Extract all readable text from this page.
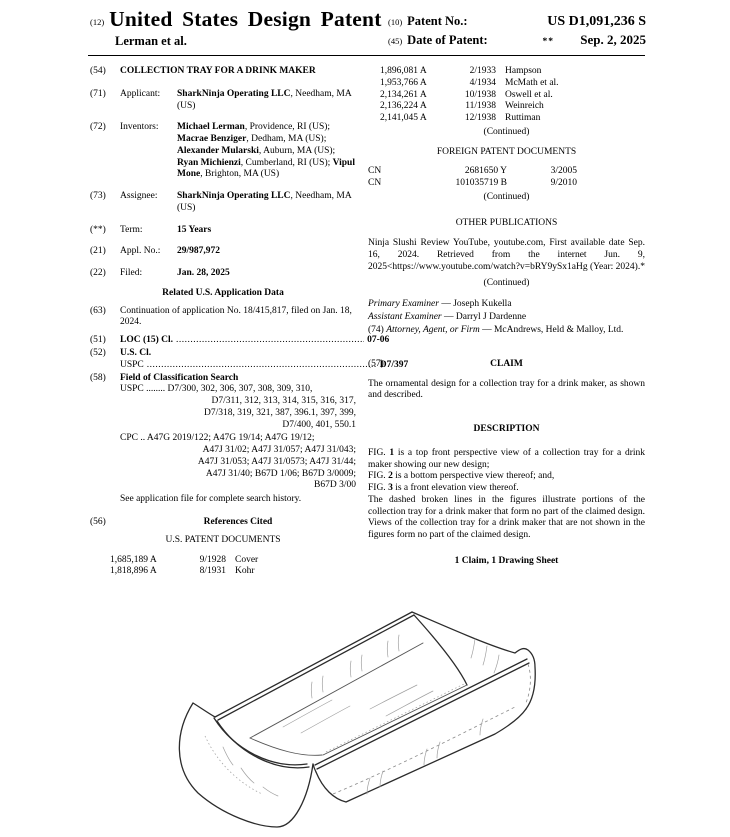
(12) United States Design Patent
Lerman et al.
(10) Patent No.:	US D1,091,236 S
(45) Date of Patent:	**	Sep. 2, 2025
(54)	COLLECTION TRAY FOR A DRINK MAKER
(71)	Applicant:	SharkNinja Operating LLC, Needham, MA (US)
(72)	Inventors:	Michael Lerman, Providence, RI (US); Macrae Benziger, Dedham, MA (US); Alexander Mularski, Auburn, MA (US); Ryan Michienzi, Cumberland, RI (US); Vipul Mone, Brighton, MA (US)
(73)	Assignee:	SharkNinja Operating LLC, Needham, MA (US)
(**)	Term:	15 Years
(21)	Appl. No.:	29/987,972
(22)	Filed:	Jan. 28, 2025
Related U.S. Application Data
(63)	Continuation of application No. 18/415,817, filed on Jan. 18, 2024.
(51)	LOC (15) Cl. .....	07-06
(52)	U.S. Cl.
USPC .....	D7/397
(58)	Field of Classification Search
USPC ........ D7/300, 302, 306, 307, 308, 309, 310,
D7/311, 312, 313, 314, 315, 316, 317,
D7/318, 319, 321, 387, 396.1, 397, 399,
D7/400, 401, 550.1
CPC .. A47G 2019/122; A47G 19/14; A47G 19/12;
A47J 31/02; A47J 31/057; A47J 31/043;
A47J 31/053; A47J 31/0573; A47J 31/44;
A47J 31/40; B67D 1/06; B67D 3/0009;
B67D 3/00
See application file for complete search history.
(56)	References Cited
U.S. PATENT DOCUMENTS
1,685,189 A	9/1928 Cover
1,818,896 A	8/1931 Kohr
1,896,081 A	2/1933 Hampson
1,953,766 A	4/1934 McMath et al.
2,134,261 A	10/1938 Oswell et al.
2,136,224 A	11/1938 Weinreich
2,141,045 A	12/1938 Ruttiman
(Continued)
FOREIGN PATENT DOCUMENTS
CN	2681650 Y	3/2005
CN	101035719 B	9/2010
(Continued)
OTHER PUBLICATIONS
Ninja Slushi Review YouTube, youtube.com, First available date Sep. 16, 2024. Retrieved from the internet Jun. 9, 2025<https://www.youtube.com/watch?v=bRY9ySx1aHg (Year: 2024).*
(Continued)
Primary Examiner — Joseph Kukella
Assistant Examiner — Darryl J Dardenne
(74) Attorney, Agent, or Firm — McAndrews, Held & Malloy, Ltd.
(57)	CLAIM
The ornamental design for a collection tray for a drink maker, as shown and described.
DESCRIPTION
FIG. 1 is a top front perspective view of a collection tray for a drink maker showing our new design;
FIG. 2 is a bottom perspective view thereof; and,
FIG. 3 is a front elevation view thereof.
The dashed broken lines in the figures illustrate portions of the collection tray for a drink maker that form no part of the claimed design. Views of the collection tray for a drink maker that are not shown in the figures form no part of the claimed design.
1 Claim, 1 Drawing Sheet
